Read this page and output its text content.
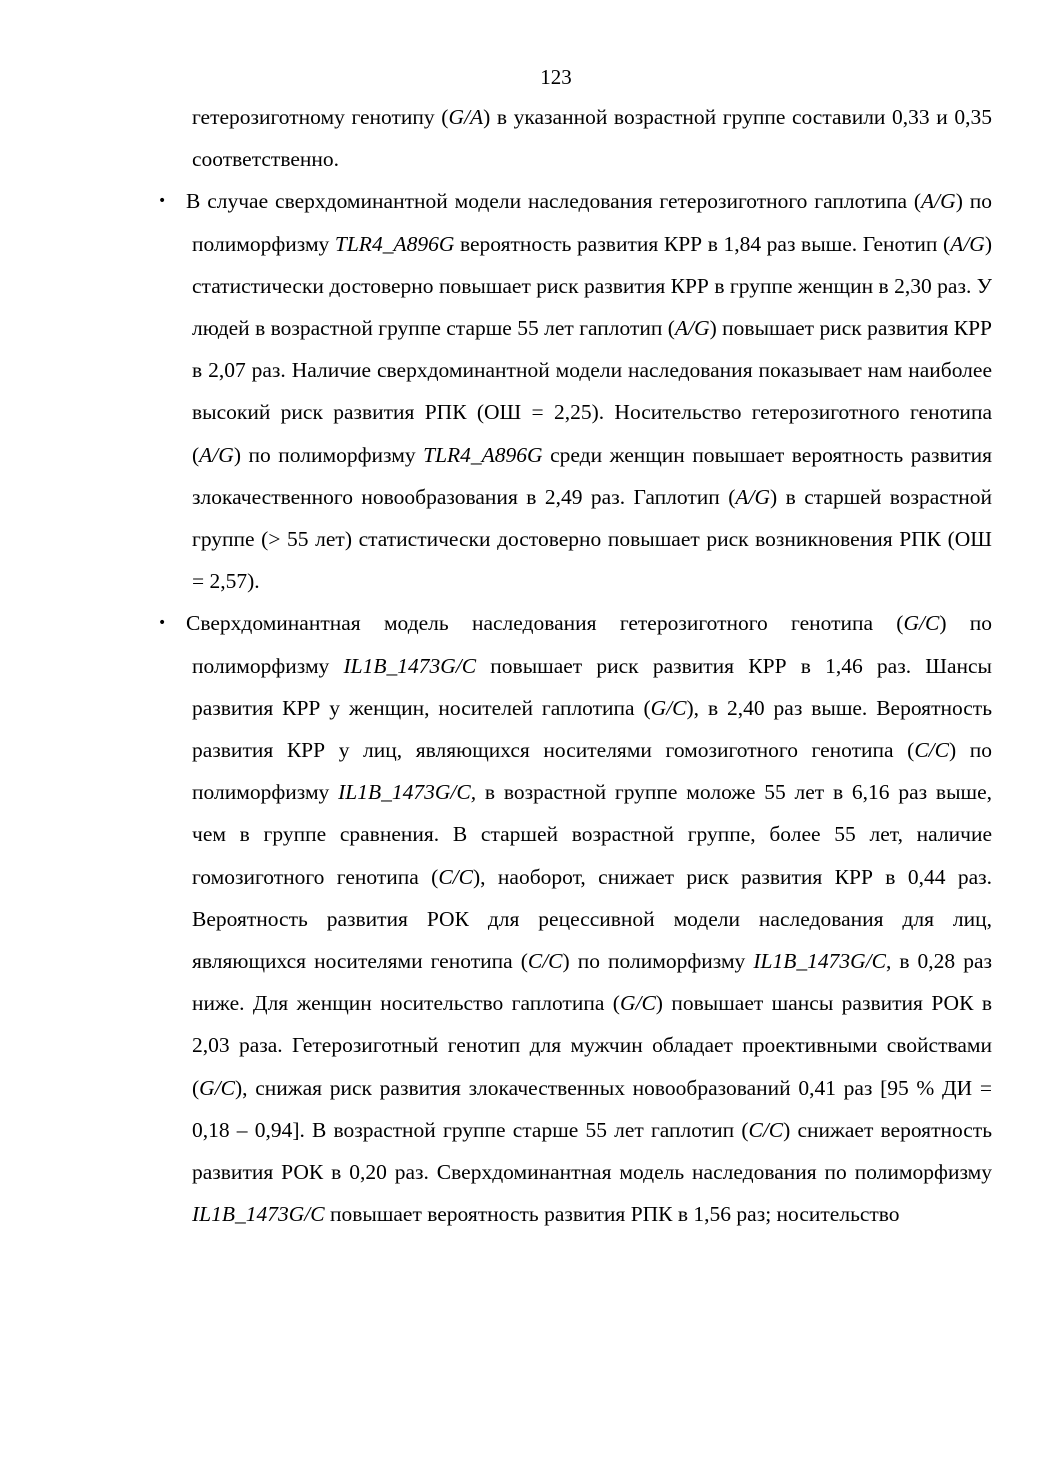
123

гетерозиготному генотипу (G/A) в указанной возрастной группе составили 0,33 и 0,35 соответственно.

• В случае сверхдоминантной модели наследования гетерозиготного гаплотипа (A/G) по полиморфизму TLR4_A896G вероятность развития КРР в 1,84 раз выше. Генотип (A/G) статистически достоверно повышает риск развития КРР в группе женщин в 2,30 раз. У людей в возрастной группе старше 55 лет гаплотип (A/G) повышает риск развития КРР в 2,07 раз. Наличие сверхдоминантной модели наследования показывает нам наиболее высокий риск развития РПК (ОШ = 2,25). Носительство гетерозиготного генотипа (A/G) по полиморфизму TLR4_A896G среди женщин повышает вероятность развития злокачественного новообразования в 2,49 раз. Гаплотип (A/G) в старшей возрастной группе (> 55 лет) статистически достоверно повышает риск возникновения РПК (ОШ = 2,57).
• Сверхдоминантная модель наследования гетерозиготного генотипа (G/C) по полиморфизму IL1B_1473G/C повышает риск развития КРР в 1,46 раз. Шансы развития КРР у женщин, носителей гаплотипа (G/C), в 2,40 раз выше. Вероятность развития КРР у лиц, являющихся носителями гомозиготного генотипа (C/C) по полиморфизму IL1B_1473G/C, в возрастной группе моложе 55 лет в 6,16 раз выше, чем в группе сравнения. В старшей возрастной группе, более 55 лет, наличие гомозиготного генотипа (C/C), наоборот, снижает риск развития КРР в 0,44 раз. Вероятность развития РОК для рецессивной модели наследования для лиц, являющихся носителями генотипа (C/C) по полиморфизму IL1B_1473G/C, в 0,28 раз ниже. Для женщин носительство гаплотипа (G/C) повышает шансы развития РОК в 2,03 раза. Гетерозиготный генотип для мужчин обладает проективными свойствами (G/C), снижая риск развития злокачественных новообразований 0,41 раз [95 % ДИ = 0,18 – 0,94]. В возрастной группе старше 55 лет гаплотип (C/C) снижает вероятность развития РОК в 0,20 раз. Сверхдоминантная модель наследования по полиморфизму IL1B_1473G/C повышает вероятность развития РПК в 1,56 раз; носительство
